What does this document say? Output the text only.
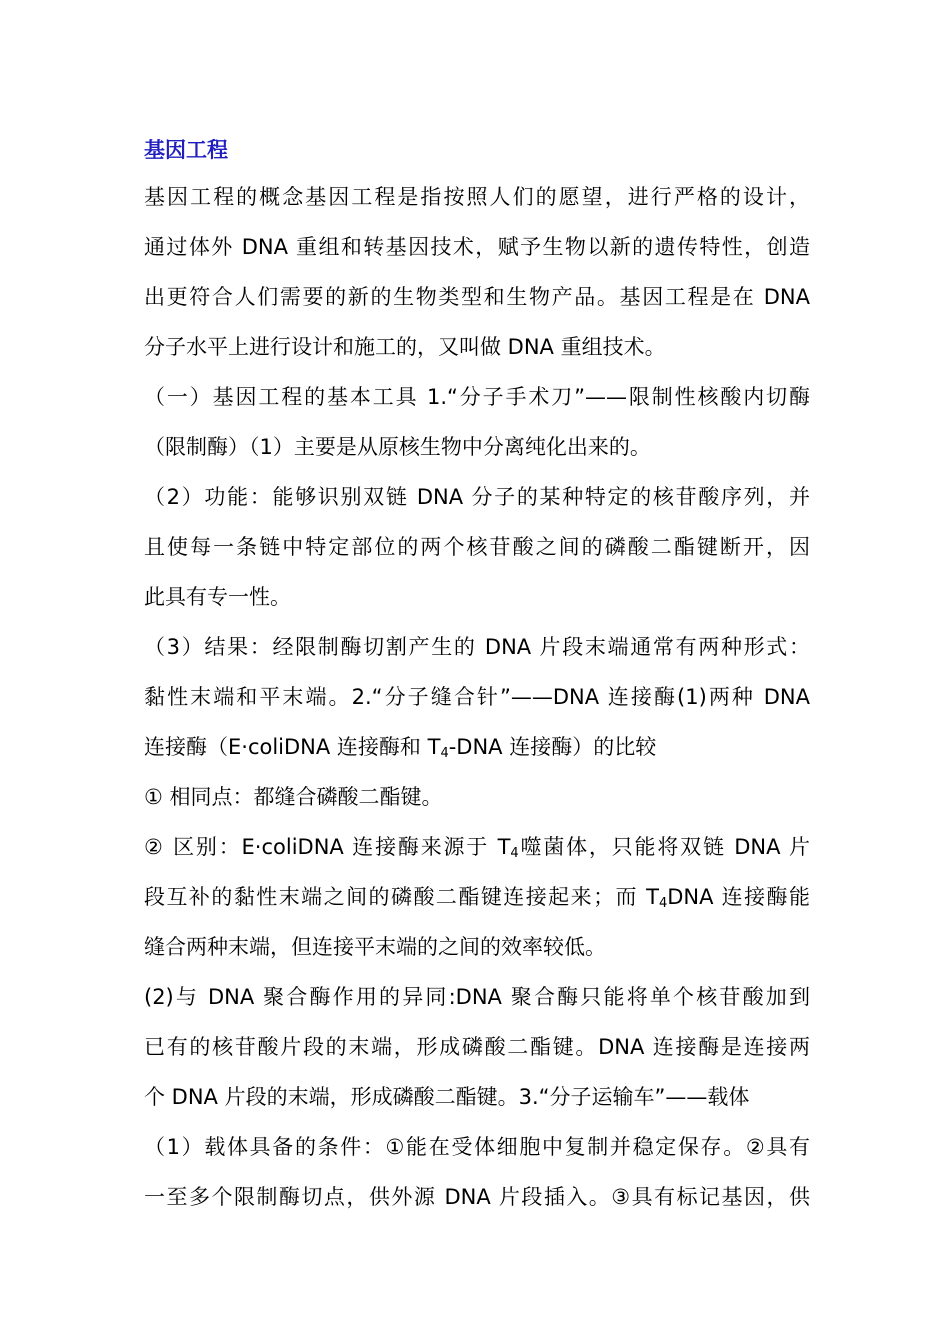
基因工程
基因工程的概念基因工程是指按照人们的愿望，进行严格的设计，
通过体外 DNA 重组和转基因技术，赋予生物以新的遗传特性，创造
出更符合人们需要的新的生物类型和生物产品。基因工程是在 DNA
分子水平上进行设计和施工的，又叫做 DNA 重组技术。
（一）基因工程的基本工具 1.“分子手术刀”——限制性核酸内切酶
（限制酶）（1）主要是从原核生物中分离纯化出来的。
（2）功能：能够识别双链 DNA 分子的某种特定的核苷酸序列，并
且使每一条链中特定部位的两个核苷酸之间的磷酸二酯键断开，因
此具有专一性。
（3）结果：经限制酶切割产生的 DNA 片段末端通常有两种形式：
黏性末端和平末端。2.“分子缝合针”——DNA 连接酶(1)两种 DNA
连接酶（E·coliDNA 连接酶和 $T_4$-DNA 连接酶）的比较
① 相同点：都缝合磷酸二酯键。
② 区别：E·coliDNA 连接酶来源于 $T_4$噬菌体，只能将双链 DNA 片
段互补的黏性末端之间的磷酸二酯键连接起来；而 $T_4DNA$ 连接酶能
缝合两种末端，但连接平末端的之间的效率较低。
(2)与 DNA 聚合酶作用的异同:DNA 聚合酶只能将单个核苷酸加到
已有的核苷酸片段的末端，形成磷酸二酯键。DNA 连接酶是连接两
个 DNA 片段的末端，形成磷酸二酯键。3.“分子运输车”——载体
（1）载体具备的条件：①能在受体细胞中复制并稳定保存。②具有
一至多个限制酶切点，供外源 DNA 片段插入。③具有标记基因，供
